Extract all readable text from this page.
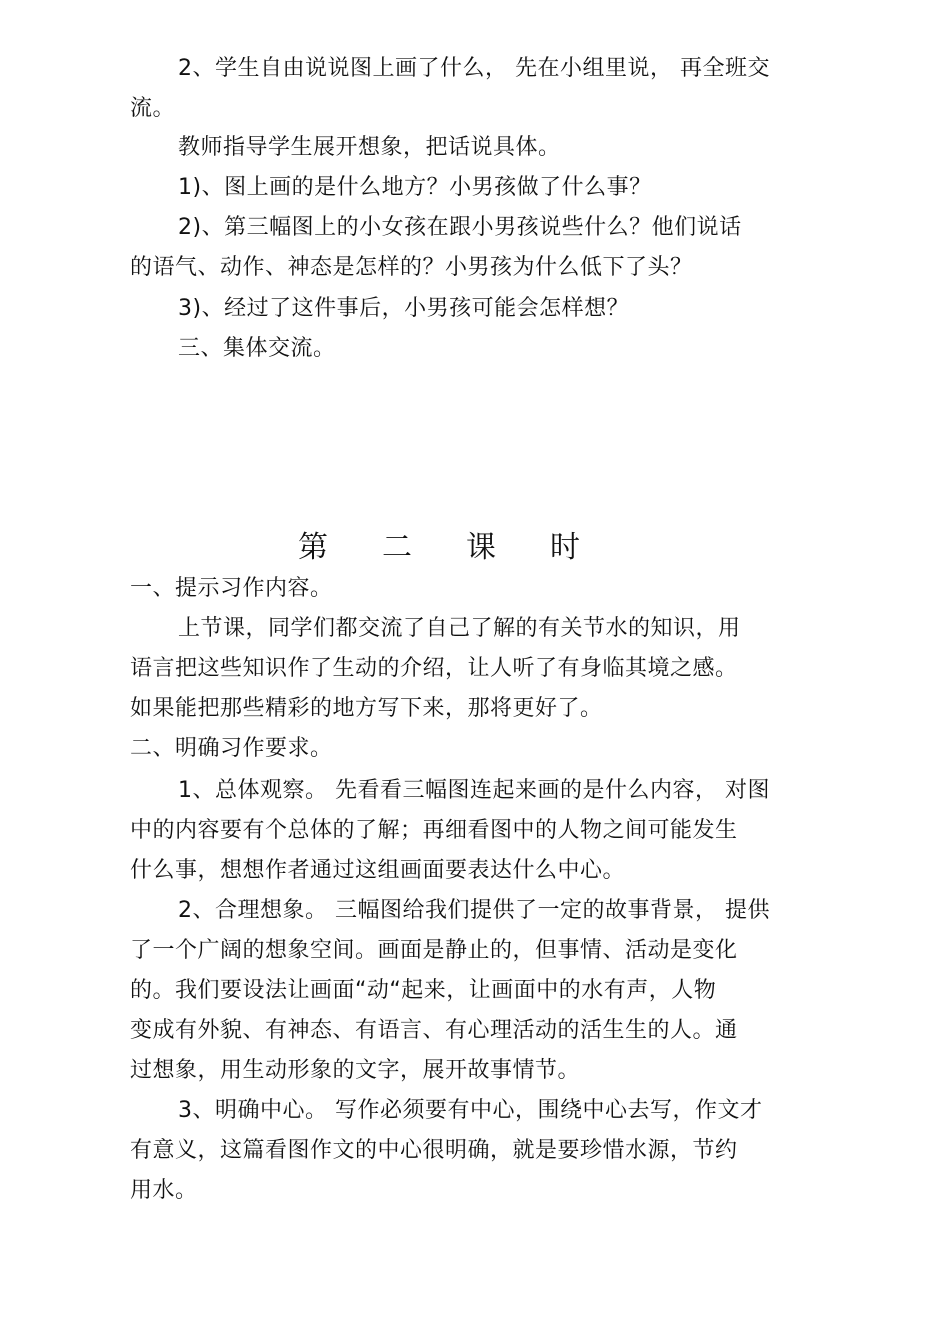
2、学生自由说说图上画了什么， 先在小组里说， 再全班交
流。
教师指导学生展开想象，把话说具体。
1)、图上画的是什么地方？小男孩做了什么事？
2)、第三幅图上的小女孩在跟小男孩说些什么？他们说话
的语气、动作、神态是怎样的？小男孩为什么低下了头？
3)、经过了这件事后，小男孩可能会怎样想？
三、集体交流。
第	二	课	时
一、提示习作内容。
上节课，同学们都交流了自己了解的有关节水的知识，用
语言把这些知识作了生动的介绍，让人听了有身临其境之感。
如果能把那些精彩的地方写下来，那将更好了。
二、明确习作要求。
1、总体观察。 先看看三幅图连起来画的是什么内容， 对图
中的内容要有个总体的了解；再细看图中的人物之间可能发生
什么事，想想作者通过这组画面要表达什么中心。
2、合理想象。 三幅图给我们提供了一定的故事背景， 提供
了一个广阔的想象空间。画面是静止的，但事情、活动是变化
的。我们要设法让画面“动“起来，让画面中的水有声，人物
变成有外貌、有神态、有语言、有心理活动的活生生的人。通
过想象，用生动形象的文字，展开故事情节。
3、明确中心。 写作必须要有中心，围绕中心去写，作文才
有意义，这篇看图作文的中心很明确，就是要珍惜水源，节约
用水。
